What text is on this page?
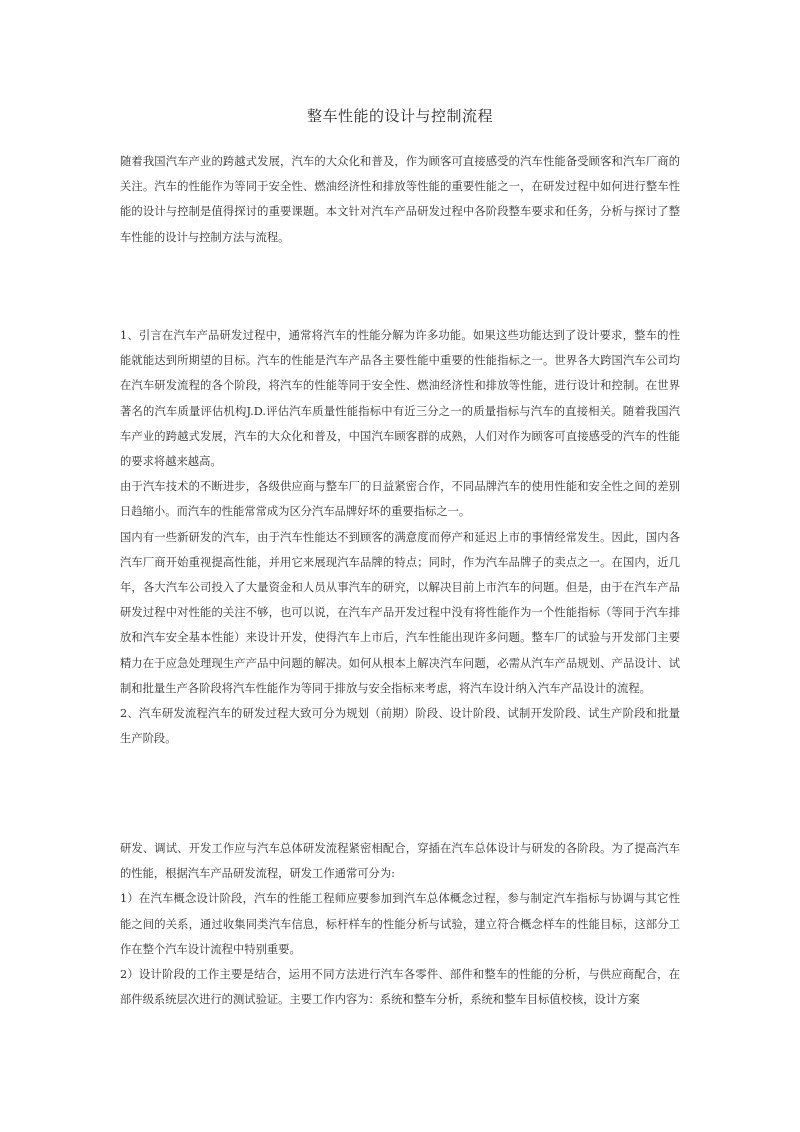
整车性能的设计与控制流程

随着我国汽车产业的跨越式发展，汽车的大众化和普及，作为顾客可直接感受的汽车性能备受顾客和汽车厂商的关注。汽车的性能作为等同于安全性、燃油经济性和排放等性能的重要性能之一，在研发过程中如何进行整车性能的设计与控制是值得探讨的重要课题。本文针对汽车产品研发过程中各阶段整车要求和任务，分析与探讨了整车性能的设计与控制方法与流程。

1、引言在汽车产品研发过程中，通常将汽车的性能分解为许多功能。如果这些功能达到了设计要求，整车的性能就能达到所期望的目标。汽车的性能是汽车产品各主要性能中重要的性能指标之一。世界各大跨国汽车公司均在汽车研发流程的各个阶段，将汽车的性能等同于安全性、燃油经济性和排放等性能，进行设计和控制。在世界著名的汽车质量评估机构J.D.评估汽车质量性能指标中有近三分之一的质量指标与汽车的直接相关。随着我国汽车产业的跨越式发展，汽车的大众化和普及，中国汽车顾客群的成熟，人们对作为顾客可直接感受的汽车的性能的要求将越来越高。

由于汽车技术的不断进步，各级供应商与整车厂的日益紧密合作，不同品牌汽车的使用性能和安全性之间的差别日趋缩小。而汽车的性能常常成为区分汽车品牌好坏的重要指标之一。

国内有一些新研发的汽车，由于汽车性能达不到顾客的满意度而停产和延迟上市的事情经常发生。因此，国内各汽车厂商开始重视提高性能，并用它来展现汽车品牌的特点；同时，作为汽车品牌子的卖点之一。在国内，近几年，各大汽车公司投入了大量资金和人员从事汽车的研究，以解决目前上市汽车的问题。但是，由于在汽车产品研发过程中对性能的关注不够，也可以说，在汽车产品开发过程中没有将性能作为一个性能指标（等同于汽车排放和汽车安全基本性能）来设计开发，使得汽车上市后，汽车性能出现许多问题。整车厂的试验与开发部门主要精力在于应急处理现生产产品中问题的解决。如何从根本上解决汽车问题，必需从汽车产品规划、产品设计、试制和批量生产各阶段将汽车性能作为等同于排放与安全指标来考虑，将汽车设计纳入汽车产品设计的流程。

2、汽车研发流程汽车的研发过程大致可分为规划（前期）阶段、设计阶段、试制开发阶段、试生产阶段和批量生产阶段。

研发、调试、开发工作应与汽车总体研发流程紧密相配合，穿插在汽车总体设计与研发的各阶段。为了提高汽车的性能，根据汽车产品研发流程，研发工作通常可分为:

1）在汽车概念设计阶段，汽车的性能工程师应要参加到汽车总体概念过程，参与制定汽车指标与协调与其它性能之间的关系，通过收集同类汽车信息，标杆样车的性能分析与试验，建立符合概念样车的性能目标，这部分工作在整个汽车设计流程中特别重要。

2）设计阶段的工作主要是结合，运用不同方法进行汽车各零件、部件和整车的性能的分析，与供应商配合，在部件级系统层次进行的测试验证。主要工作内容为：系统和整车分析，系统和整车目标值校核，设计方案
